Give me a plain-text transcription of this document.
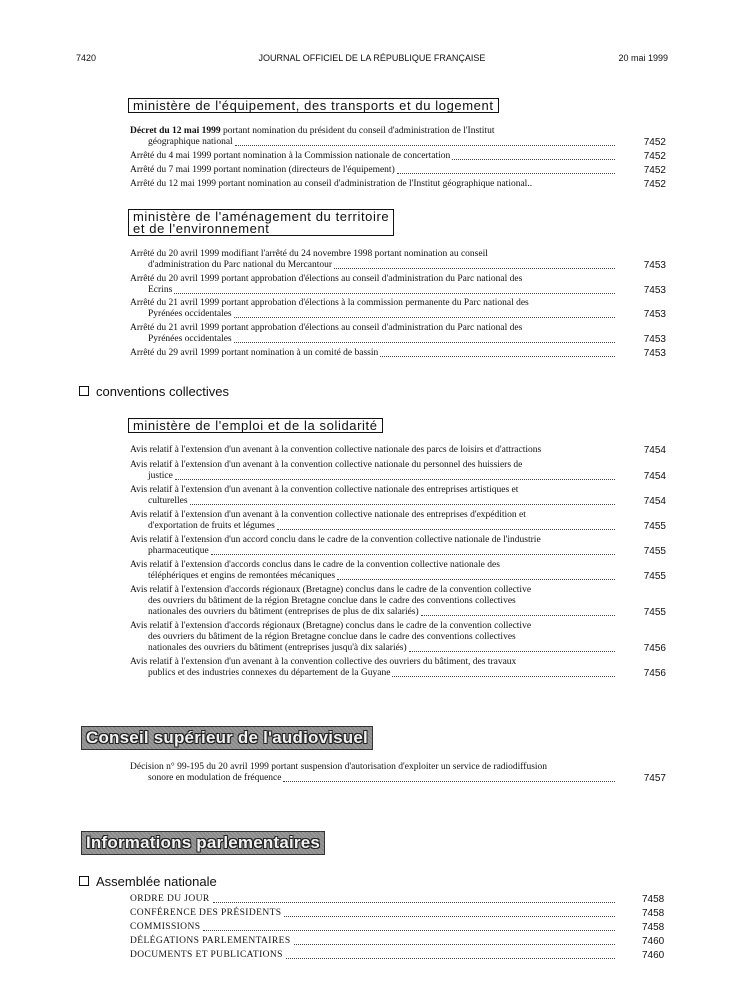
7420	JOURNAL OFFICIEL DE LA RÉPUBLIQUE FRANÇAISE	20 mai 1999
ministère de l'équipement, des transports et du logement
Décret du 12 mai 1999 portant nomination du président du conseil d'administration de l'Institut
géographique national	7452
Arrêté du 4 mai 1999 portant nomination à la Commission nationale de concertation	7452
Arrêté du 7 mai 1999 portant nomination (directeurs de l'équipement)	7452
Arrêté du 12 mai 1999 portant nomination au conseil d'administration de l'Institut géographique national..	7452
ministère de l'aménagement du territoire
et de l'environnement
Arrêté du 20 avril 1999 modifiant l'arrêté du 24 novembre 1998 portant nomination au conseil
d'administration du Parc national du Mercantour	7453
Arrêté du 20 avril 1999 portant approbation d'élections au conseil d'administration du Parc national des
Ecrins	7453
Arrêté du 21 avril 1999 portant approbation d'élections à la commission permanente du Parc national des
Pyrénées occidentales	7453
Arrêté du 21 avril 1999 portant approbation d'élections au conseil d'administration du Parc national des
Pyrénées occidentales	7453
Arrêté du 29 avril 1999 portant nomination à un comité de bassin	7453
conventions collectives
ministère de l'emploi et de la solidarité
Avis relatif à l'extension d'un avenant à la convention collective nationale des parcs de loisirs et d'attractions	7454
Avis relatif à l'extension d'un avenant à la convention collective nationale du personnel des huissiers de
justice	7454
Avis relatif à l'extension d'un avenant à la convention collective nationale des entreprises artistiques et
culturelles	7454
Avis relatif à l'extension d'un avenant à la convention collective nationale des entreprises d'expédition et
d'exportation de fruits et légumes	7455
Avis relatif à l'extension d'un accord conclu dans le cadre de la convention collective nationale de l'industrie
pharmaceutique	7455
Avis relatif à l'extension d'accords conclus dans le cadre de la convention collective nationale des
téléphériques et engins de remontées mécaniques	7455
Avis relatif à l'extension d'accords régionaux (Bretagne) conclus dans le cadre de la convention collective
des ouvriers du bâtiment de la région Bretagne conclue dans le cadre des conventions collectives
nationales des ouvriers du bâtiment (entreprises de plus de dix salariés)	7455
Avis relatif à l'extension d'accords régionaux (Bretagne) conclus dans le cadre de la convention collective
des ouvriers du bâtiment de la région Bretagne conclue dans le cadre des conventions collectives
nationales des ouvriers du bâtiment (entreprises jusqu'à dix salariés)	7456
Avis relatif à l'extension d'un avenant à la convention collective des ouvriers du bâtiment, des travaux
publics et des industries connexes du département de la Guyane	7456
Conseil supérieur de l'audiovisuel
Décision n° 99-195 du 20 avril 1999 portant suspension d'autorisation d'exploiter un service de radiodiffusion
sonore en modulation de fréquence	7457
Informations parlementaires
Assemblée nationale
ORDRE DU JOUR	7458
CONFÉRENCE DES PRÉSIDENTS	7458
COMMISSIONS	7458
DÉLÉGATIONS PARLEMENTAIRES	7460
DOCUMENTS ET PUBLICATIONS	7460
